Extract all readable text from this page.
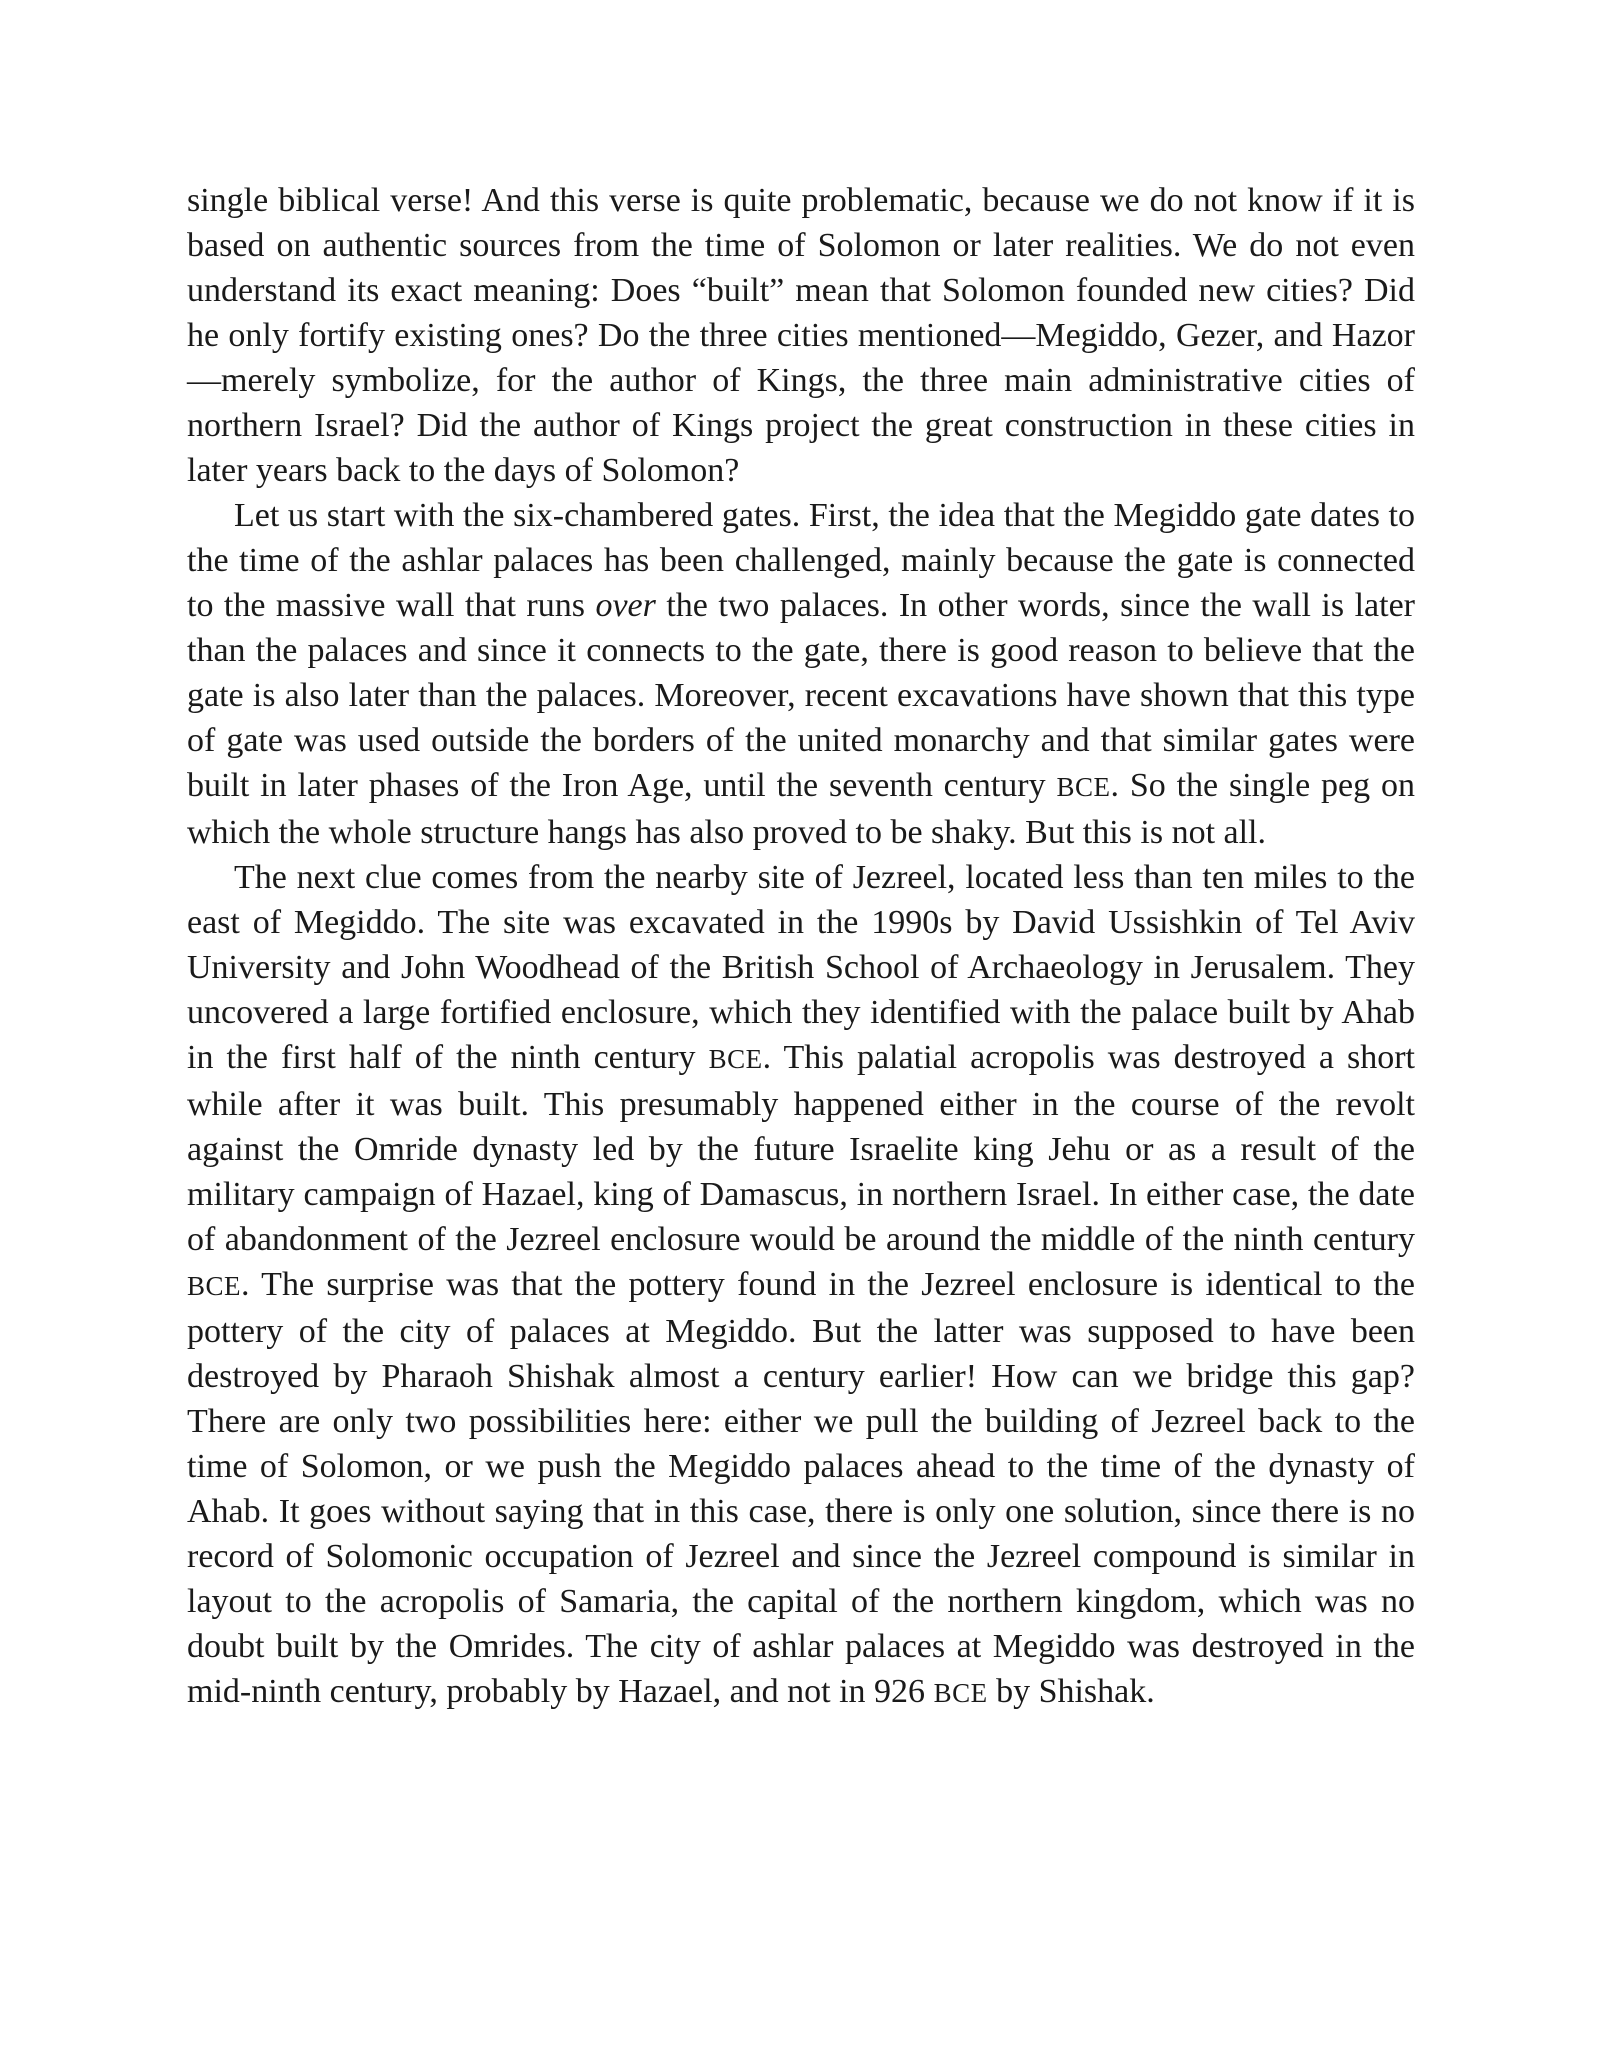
single biblical verse! And this verse is quite problematic, because we do not know if it is based on authentic sources from the time of Solomon or later realities. We do not even understand its exact meaning: Does “built” mean that Solomon founded new cities? Did he only fortify existing ones? Do the three cities mentioned—Megiddo, Gezer, and Hazor—merely symbolize, for the author of Kings, the three main administrative cities of northern Israel? Did the author of Kings project the great construction in these cities in later years back to the days of Solomon?

Let us start with the six-chambered gates. First, the idea that the Megiddo gate dates to the time of the ashlar palaces has been challenged, mainly because the gate is connected to the massive wall that runs over the two palaces. In other words, since the wall is later than the palaces and since it connects to the gate, there is good reason to believe that the gate is also later than the palaces. Moreover, recent excavations have shown that this type of gate was used outside the borders of the united monarchy and that similar gates were built in later phases of the Iron Age, until the seventh century BCE. So the single peg on which the whole structure hangs has also proved to be shaky. But this is not all.

The next clue comes from the nearby site of Jezreel, located less than ten miles to the east of Megiddo. The site was excavated in the 1990s by David Ussishkin of Tel Aviv University and John Woodhead of the British School of Archaeology in Jerusalem. They uncovered a large fortified enclosure, which they identified with the palace built by Ahab in the first half of the ninth century BCE. This palatial acropolis was destroyed a short while after it was built. This presumably happened either in the course of the revolt against the Omride dynasty led by the future Israelite king Jehu or as a result of the military campaign of Hazael, king of Damascus, in northern Israel. In either case, the date of abandonment of the Jezreel enclosure would be around the middle of the ninth century BCE. The surprise was that the pottery found in the Jezreel enclosure is identical to the pottery of the city of palaces at Megiddo. But the latter was supposed to have been destroyed by Pharaoh Shishak almost a century earlier! How can we bridge this gap? There are only two possibilities here: either we pull the building of Jezreel back to the time of Solomon, or we push the Megiddo palaces ahead to the time of the dynasty of Ahab. It goes without saying that in this case, there is only one solution, since there is no record of Solomonic occupation of Jezreel and since the Jezreel compound is similar in layout to the acropolis of Samaria, the capital of the northern kingdom, which was no doubt built by the Omrides. The city of ashlar palaces at Megiddo was destroyed in the mid-ninth century, probably by Hazael, and not in 926 BCE by Shishak.
